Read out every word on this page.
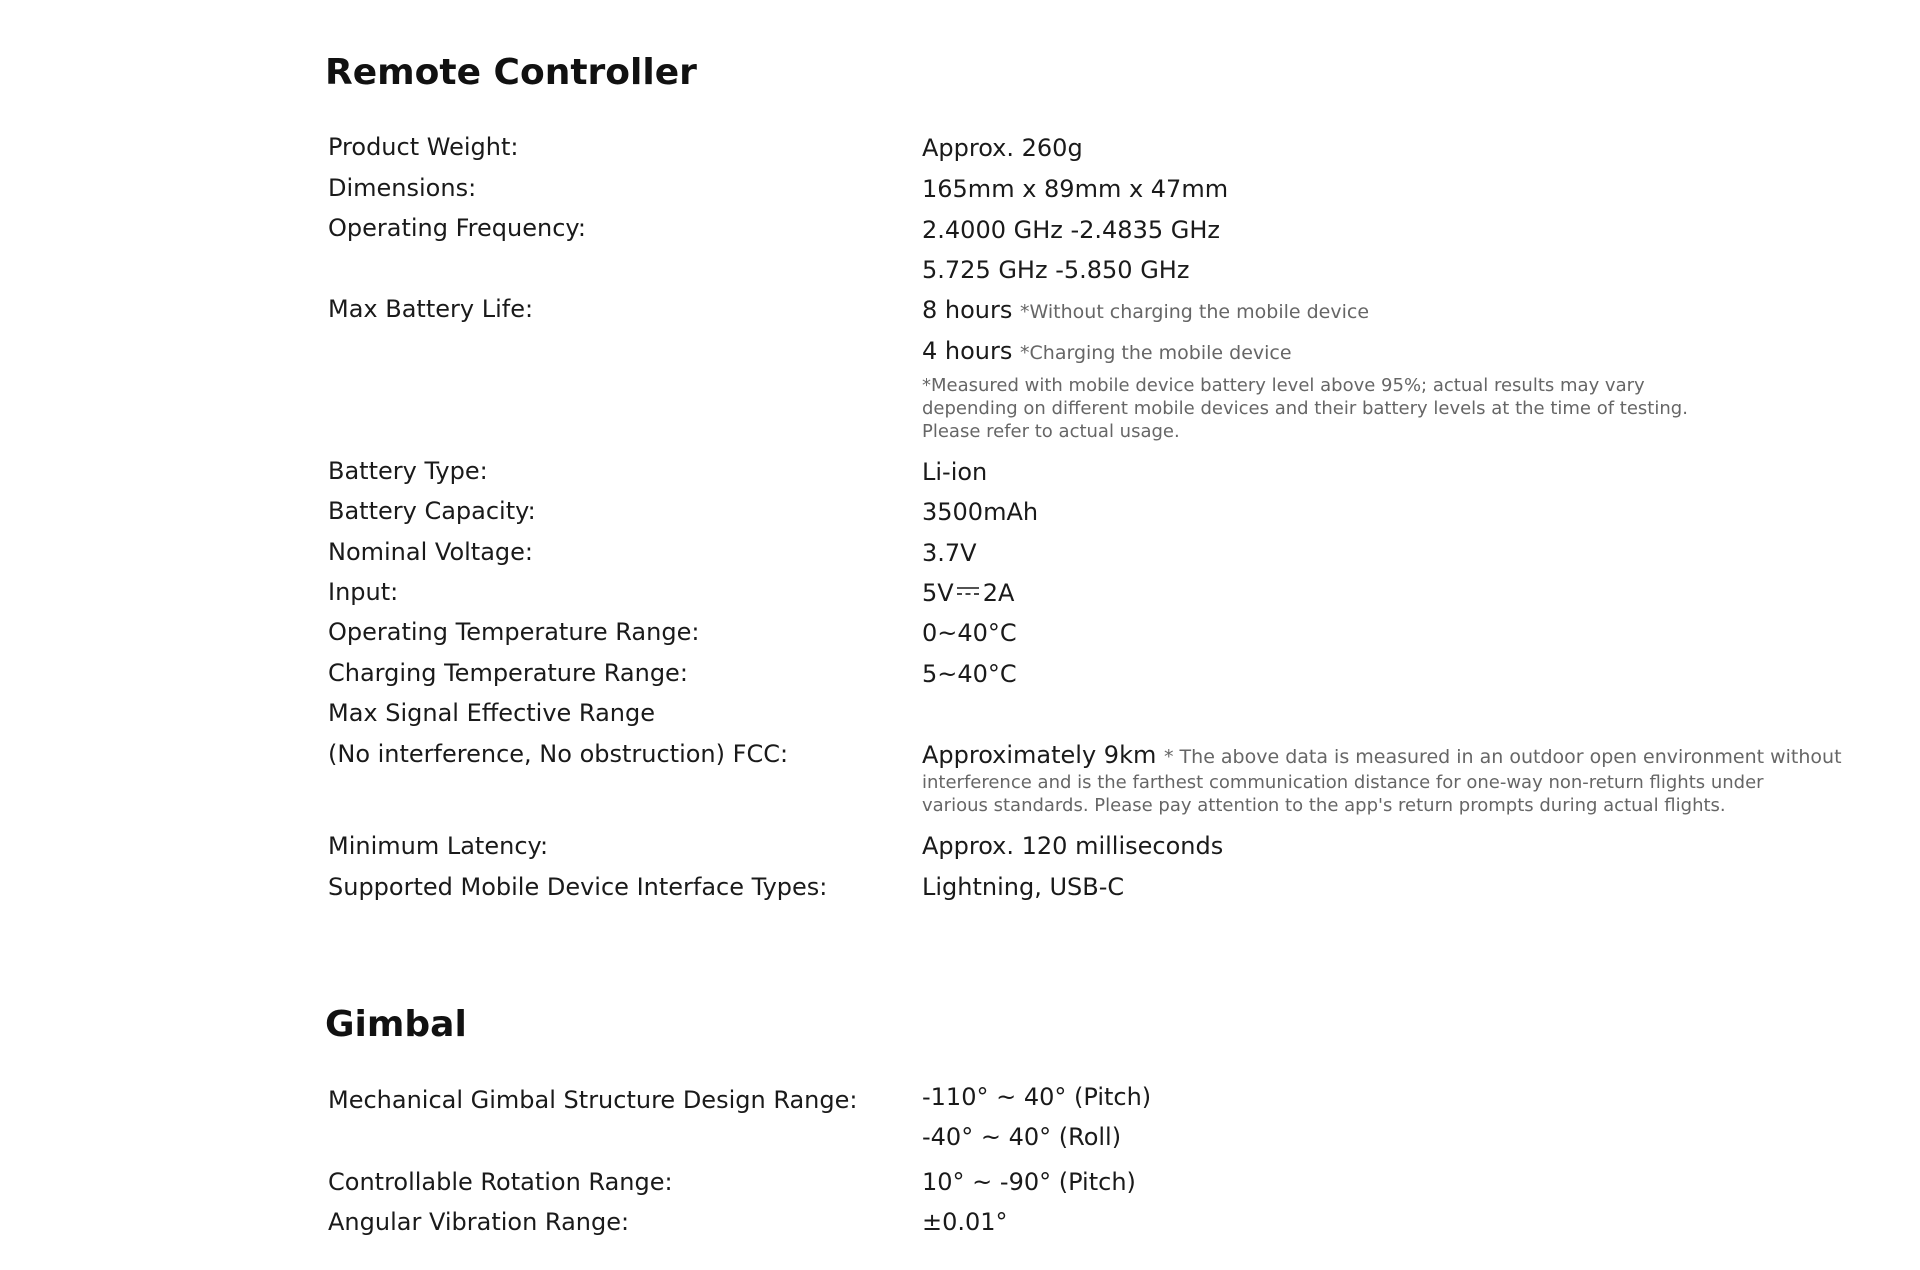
Remote Controller
Product Weight:	Approx. 260g
Dimensions:	165mm x 89mm x 47mm
Operating Frequency:	2.4000 GHz -2.4835 GHz
5.725 GHz -5.850 GHz
Max Battery Life:	8 hours *Without charging the mobile device
4 hours *Charging the mobile device
*Measured with mobile device battery level above 95%; actual results may vary
depending on different mobile devices and their battery levels at the time of testing.
Please refer to actual usage.
Battery Type:	Li-ion
Battery Capacity:	3500mAh
Nominal Voltage:	3.7V
Input:	5V 2A
Operating Temperature Range:	0~40°C
Charging Temperature Range:	5~40°C
Max Signal Effective Range
(No interference, No obstruction) FCC:	Approximately 9km * The above data is measured in an outdoor open environment without
interference and is the farthest communication distance for one-way non-return flights under
various standards. Please pay attention to the app's return prompts during actual flights.
Minimum Latency:	Approx. 120 milliseconds
Supported Mobile Device Interface Types:	Lightning, USB-C
Gimbal
Mechanical Gimbal Structure Design Range:	-110° ~ 40° (Pitch)
-40° ~ 40° (Roll)
Controllable Rotation Range:	10° ~ -90° (Pitch)
Angular Vibration Range:	±0.01°
